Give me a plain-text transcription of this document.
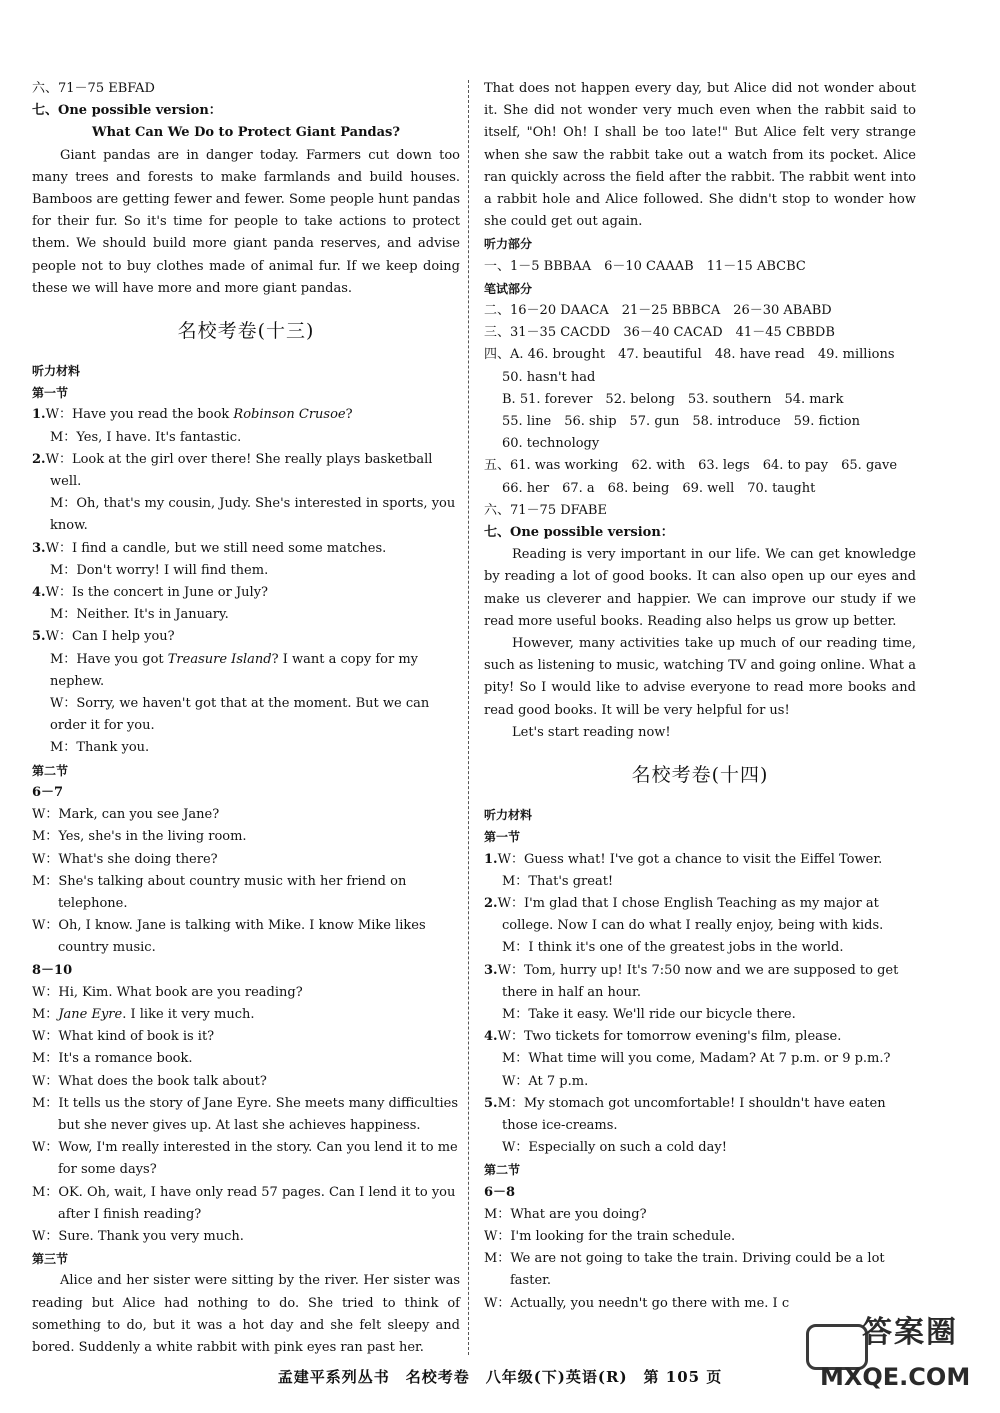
六、71－75 EBFAD

七、One possible version：

What Can We Do to Protect Giant Pandas?

Giant pandas are in danger today. Farmers cut down too many trees and forests to make farmlands and build houses. Bamboos are getting fewer and fewer. Some people hunt pandas for their fur. So it's time for people to take actions to protect them. We should build more giant panda reserves, and advise people not to buy clothes made of animal fur. If we keep doing these we will have more and more giant pandas.

名校考卷(十三)

听力材料

第一节

1.W：Have you read the book Robinson Crusoe?

M：Yes, I have. It's fantastic.

2.W：Look at the girl over there! She really plays basketball well.

M：Oh, that's my cousin, Judy. She's interested in sports, you know.

3.W：I find a candle, but we still need some matches.

M：Don't worry! I will find them.

4.W：Is the concert in June or July?

M：Neither. It's in January.

5.W：Can I help you?

M：Have you got Treasure Island? I want a copy for my nephew.

W：Sorry, we haven't got that at the moment. But we can order it for you.

M：Thank you.

第二节

6－7

W：Mark, can you see Jane?

M：Yes, she's in the living room.

W：What's she doing there?

M：She's talking about country music with her friend on telephone.

W：Oh, I know. Jane is talking with Mike. I know Mike likes country music.

8－10

W：Hi, Kim. What book are you reading?

M：Jane Eyre. I like it very much.

W：What kind of book is it?

M：It's a romance book.

W：What does the book talk about?

M：It tells us the story of Jane Eyre. She meets many difficulties but she never gives up. At last she achieves happiness.

W：Wow, I'm really interested in the story. Can you lend it to me for some days?

M：OK. Oh, wait, I have only read 57 pages. Can I lend it to you after I finish reading?

W：Sure. Thank you very much.

第三节

Alice and her sister were sitting by the river. Her sister was reading but Alice had nothing to do. She tried to think of something to do, but it was a hot day and she felt sleepy and bored. Suddenly a white rabbit with pink eyes ran past her.

That does not happen every day, but Alice did not wonder about it. She did not wonder very much even when the rabbit said to itself, "Oh! Oh! I shall be too late!" But Alice felt very strange when she saw the rabbit take out a watch from its pocket. Alice ran quickly across the field after the rabbit. The rabbit went into a rabbit hole and Alice followed. She didn't stop to wonder how she could get out again.

听力部分

一、1－5 BBBAA　6－10 CAAAB　11－15 ABCBC

笔试部分

二、16－20 DAACA　21－25 BBBCA　26－30 ABABD

三、31－35 CACDD　36－40 CACAD　41－45 CBBDB

四、A. 46. brought　47. beautiful　48. have read　49. millions

50. hasn't had

B. 51. forever　52. belong　53. southern　54. mark

55. line　56. ship　57. gun　58. introduce　59. fiction

60. technology

五、61. was working　62. with　63. legs　64. to pay　65. gave

66. her　67. a　68. being　69. well　70. taught

六、71－75 DFABE

七、One possible version：

Reading is very important in our life. We can get knowledge by reading a lot of good books. It can also open up our eyes and make us cleverer and happier. We can improve our study if we read more useful books. Reading also helps us grow up better.

However, many activities take up much of our reading time, such as listening to music, watching TV and going online. What a pity! So I would like to advise everyone to read more books and read good books. It will be very helpful for us!

Let's start reading now!

名校考卷(十四)

听力材料

第一节

1.W：Guess what! I've got a chance to visit the Eiffel Tower.

M：That's great!

2.W：I'm glad that I chose English Teaching as my major at college. Now I can do what I really enjoy, being with kids.

M：I think it's one of the greatest jobs in the world.

3.W：Tom, hurry up! It's 7:50 now and we are supposed to get there in half an hour.

M：Take it easy. We'll ride our bicycle there.

4.W：Two tickets for tomorrow evening's film, please.

M：What time will you come, Madam? At 7 p.m. or 9 p.m.?

W：At 7 p.m.

5.M：My stomach got uncomfortable! I shouldn't have eaten those ice-creams.

W：Especially on such a cold day!

第二节

6－8

M：What are you doing?

W：I'm looking for the train schedule.

M：We are not going to take the train. Driving could be a lot faster.

W：Actually, you needn't go there with me. I c

孟建平系列丛书　名校考卷　八年级(下)英语(R)　第 105 页
答案圈
MXQE.COM
